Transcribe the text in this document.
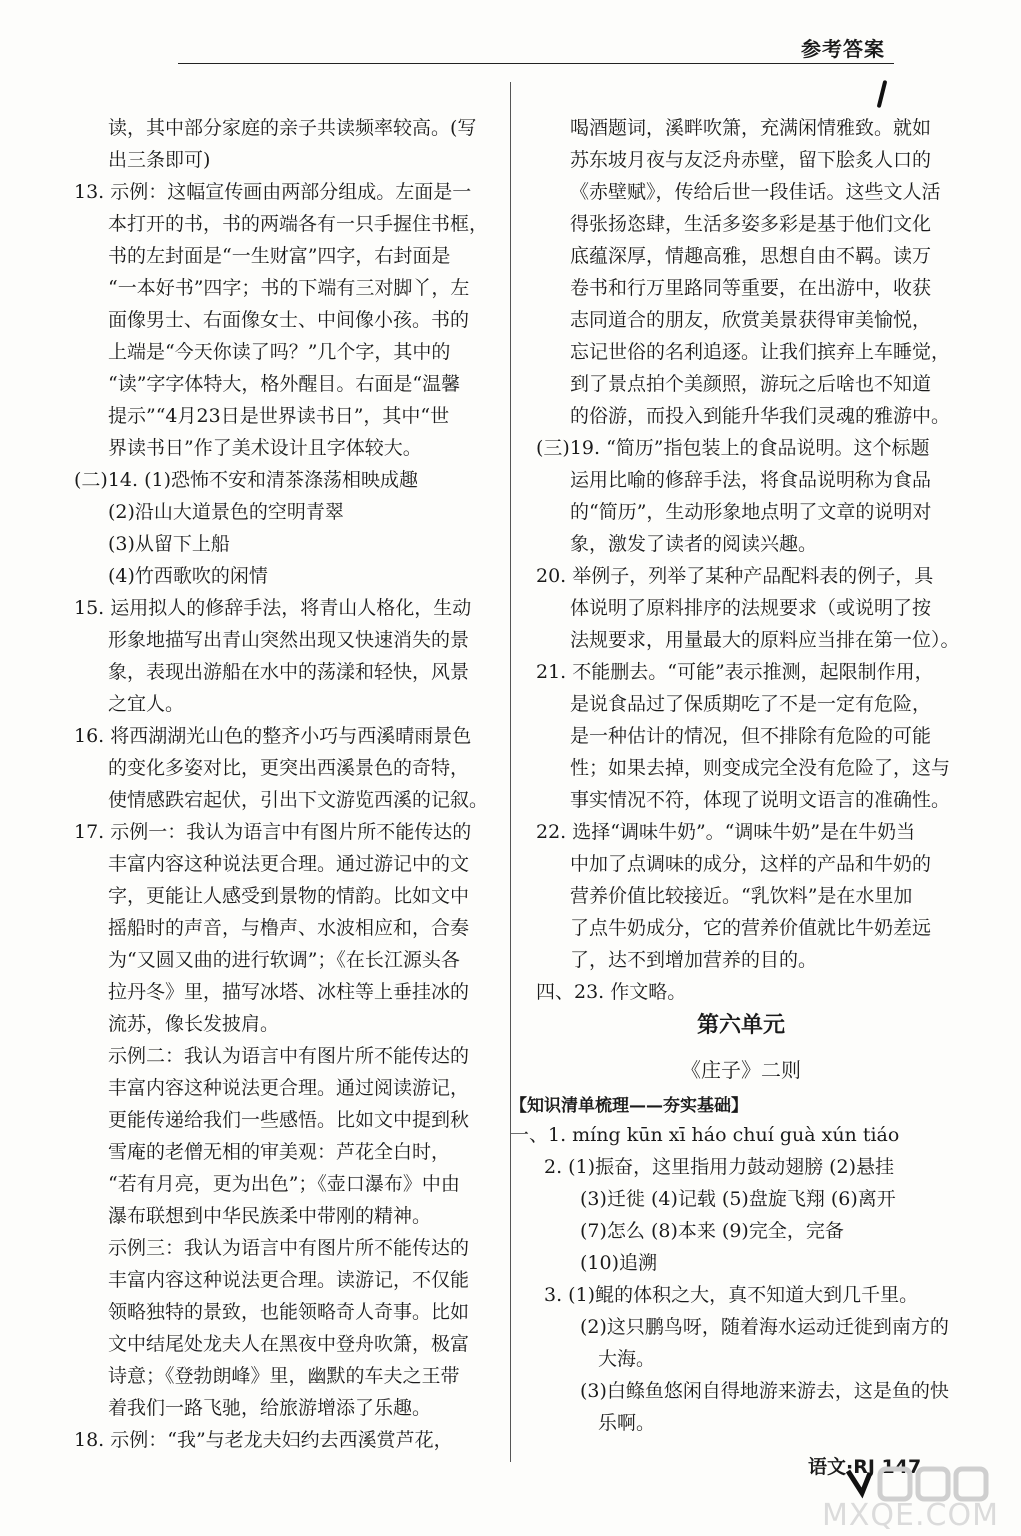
参考答案
读，其中部分家庭的亲子共读频率较高。(写
出三条即可)
13. 示例：这幅宣传画由两部分组成。左面是一
本打开的书，书的两端各有一只手握住书框，
书的左封面是“一生财富”四字，右封面是
“一本好书”四字；书的下端有三对脚丫，左
面像男士、右面像女士、中间像小孩。书的
上端是“今天你读了吗？”几个字，其中的
“读”字字体特大，格外醒目。右面是“温馨
提示”“4月23日是世界读书日”，其中“世
界读书日”作了美术设计且字体较大。
(二)14. (1)恐怖不安和清茶涤荡相映成趣
(2)沿山大道景色的空明青翠
(3)从留下上船
(4)竹西歌吹的闲情
15. 运用拟人的修辞手法，将青山人格化，生动
形象地描写出青山突然出现又快速消失的景
象，表现出游船在水中的荡漾和轻快，风景
之宜人。
16. 将西湖湖光山色的整齐小巧与西溪晴雨景色
的变化多姿对比，更突出西溪景色的奇特，
使情感跌宕起伏，引出下文游览西溪的记叙。
17. 示例一：我认为语言中有图片所不能传达的
丰富内容这种说法更合理。通过游记中的文
字，更能让人感受到景物的情韵。比如文中
摇船时的声音，与橹声、水波相应和，合奏
为“又圆又曲的进行软调”；《在长江源头各
拉丹冬》里，描写冰塔、冰柱等上垂挂冰的
流苏，像长发披肩。
示例二：我认为语言中有图片所不能传达的
丰富内容这种说法更合理。通过阅读游记，
更能传递给我们一些感悟。比如文中提到秋
雪庵的老僧无相的审美观：芦花全白时，
“若有月亮，更为出色”；《壶口瀑布》中由
瀑布联想到中华民族柔中带刚的精神。
示例三：我认为语言中有图片所不能传达的
丰富内容这种说法更合理。读游记，不仅能
领略独特的景致，也能领略奇人奇事。比如
文中结尾处龙夫人在黑夜中登舟吹箫，极富
诗意；《登勃朗峰》里，幽默的车夫之王带
着我们一路飞驰，给旅游增添了乐趣。
18. 示例：“我”与老龙夫妇约去西溪赏芦花，
喝酒题词，溪畔吹箫，充满闲情雅致。就如
苏东坡月夜与友泛舟赤壁，留下脍炙人口的
《赤壁赋》，传给后世一段佳话。这些文人活
得张扬恣肆，生活多姿多彩是基于他们文化
底蕴深厚，情趣高雅，思想自由不羁。读万
卷书和行万里路同等重要，在出游中，收获
志同道合的朋友，欣赏美景获得审美愉悦，
忘记世俗的名利追逐。让我们摈弃上车睡觉，
到了景点拍个美颜照，游玩之后啥也不知道
的俗游，而投入到能升华我们灵魂的雅游中。
(三)19. “简历”指包装上的食品说明。这个标题
运用比喻的修辞手法，将食品说明称为食品
的“简历”，生动形象地点明了文章的说明对
象，激发了读者的阅读兴趣。
20. 举例子，列举了某种产品配料表的例子，具
体说明了原料排序的法规要求（或说明了按
法规要求，用量最大的原料应当排在第一位）。
21. 不能删去。“可能”表示推测，起限制作用，
是说食品过了保质期吃了不是一定有危险，
是一种估计的情况，但不排除有危险的可能
性；如果去掉，则变成完全没有危险了，这与
事实情况不符，体现了说明文语言的准确性。
22. 选择“调味牛奶”。“调味牛奶”是在牛奶当
中加了点调味的成分，这样的产品和牛奶的
营养价值比较接近。“乳饮料”是在水里加
了点牛奶成分，它的营养价值就比牛奶差远
了，达不到增加营养的目的。
四、23. 作文略。
第六单元
《庄子》二则
【知识清单梳理——夯实基础】
一、1. míng kūn xī háo chuí guà xún tiáo
2. (1)振奋，这里指用力鼓动翅膀 (2)悬挂
(3)迁徙 (4)记载 (5)盘旋飞翔 (6)离开
(7)怎么 (8)本来 (9)完全，完备
(10)追溯
3. (1)鲲的体积之大，真不知道大到几千里。
(2)这只鹏鸟呀，随着海水运动迁徙到南方的
大海。
(3)白鲦鱼悠闲自得地游来游去，这是鱼的快
乐啊。
语文·RJ 147
MXQE.COM
